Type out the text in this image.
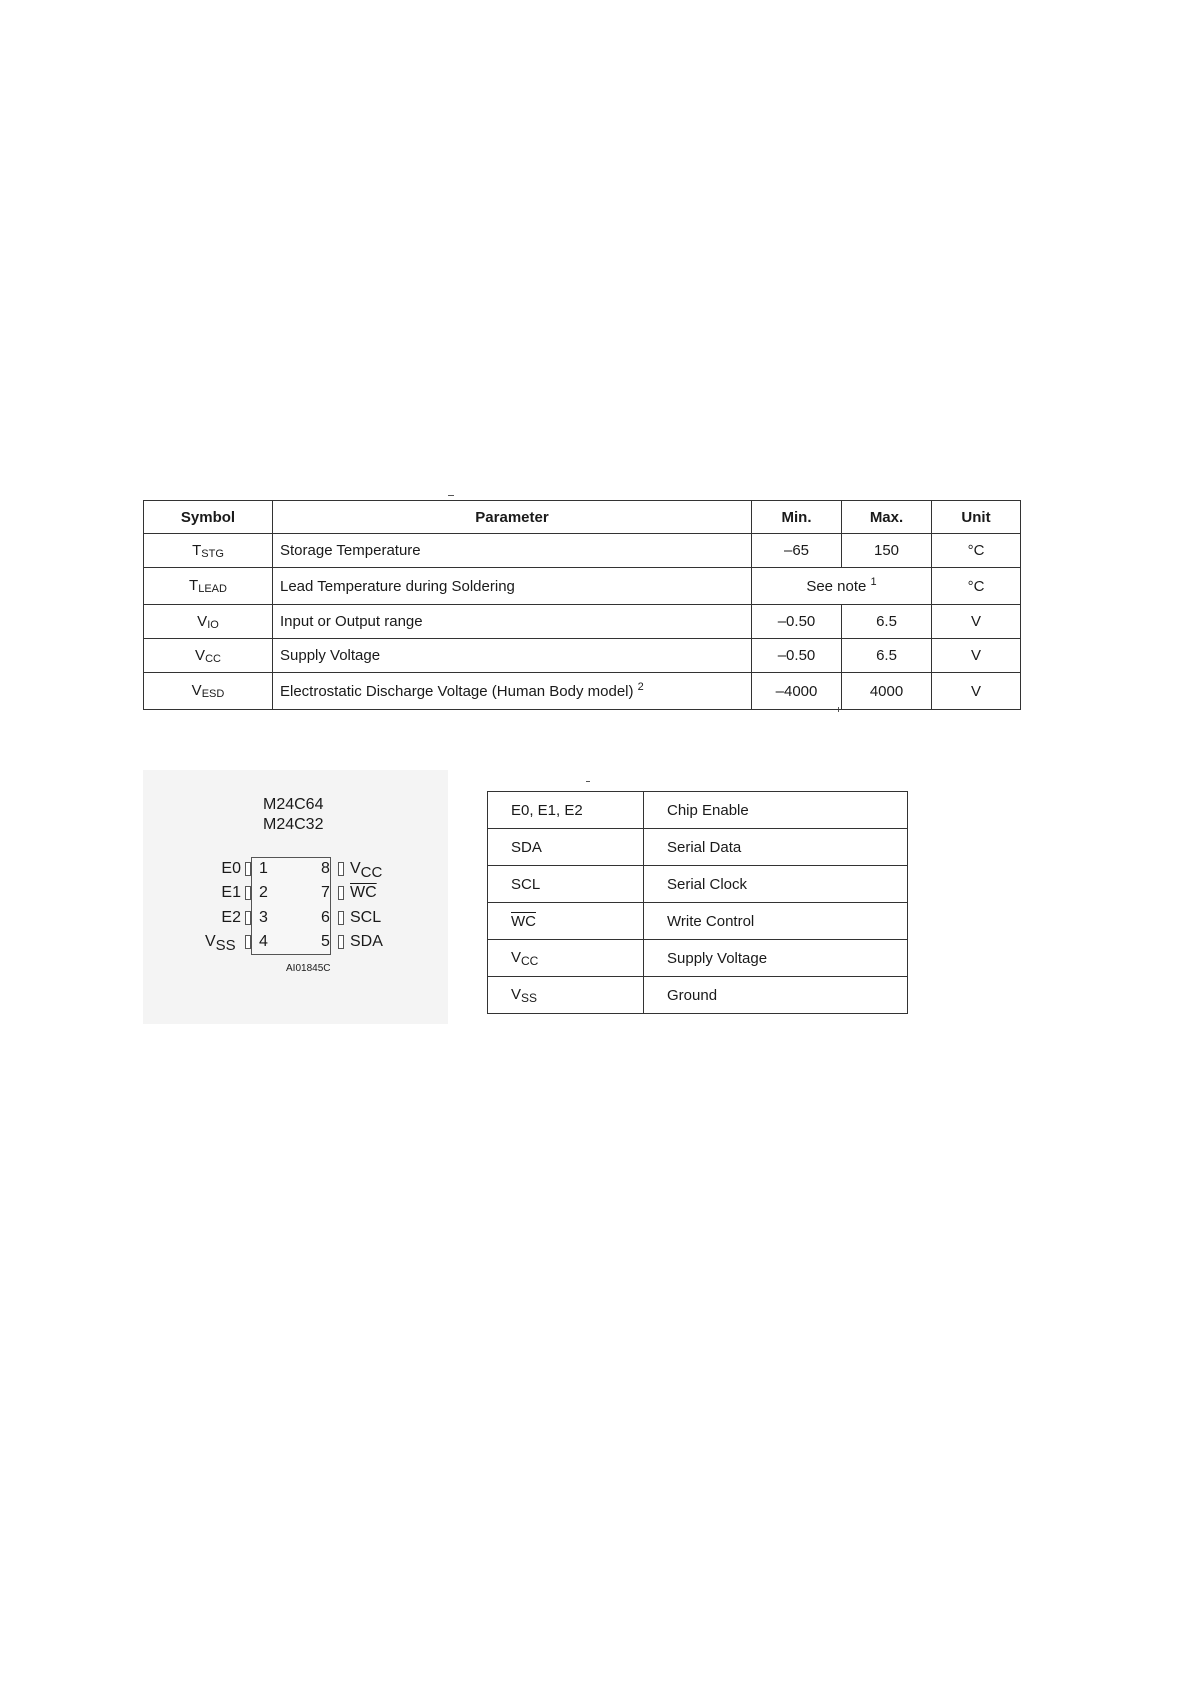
Symbol	Parameter	Min.	Max.	Unit
TSTG	Storage Temperature	–65	150	°C
TLEAD	Lead Temperature during Soldering	See note $^1$		°C
VIO	Input or Output range	–0.50	6.5	V
VCC	Supply Voltage	–0.50	6.5	V
VESD	Electrostatic Discharge Voltage (Human Body model) $^2$	–4000	4000	V
M24C64
M24C32
E0
E1
E2
VSS
1
2
3
4
8
7
6
5
VCC
$\overline{WC}$
SCL
SDA
AI01845C
E0, E1, E2	Chip Enable
SDA	Serial Data
SCL	Serial Clock
$\overline{WC}$	Write Control
$V_{CC}$	Supply Voltage
$V_{SS}$	Ground
